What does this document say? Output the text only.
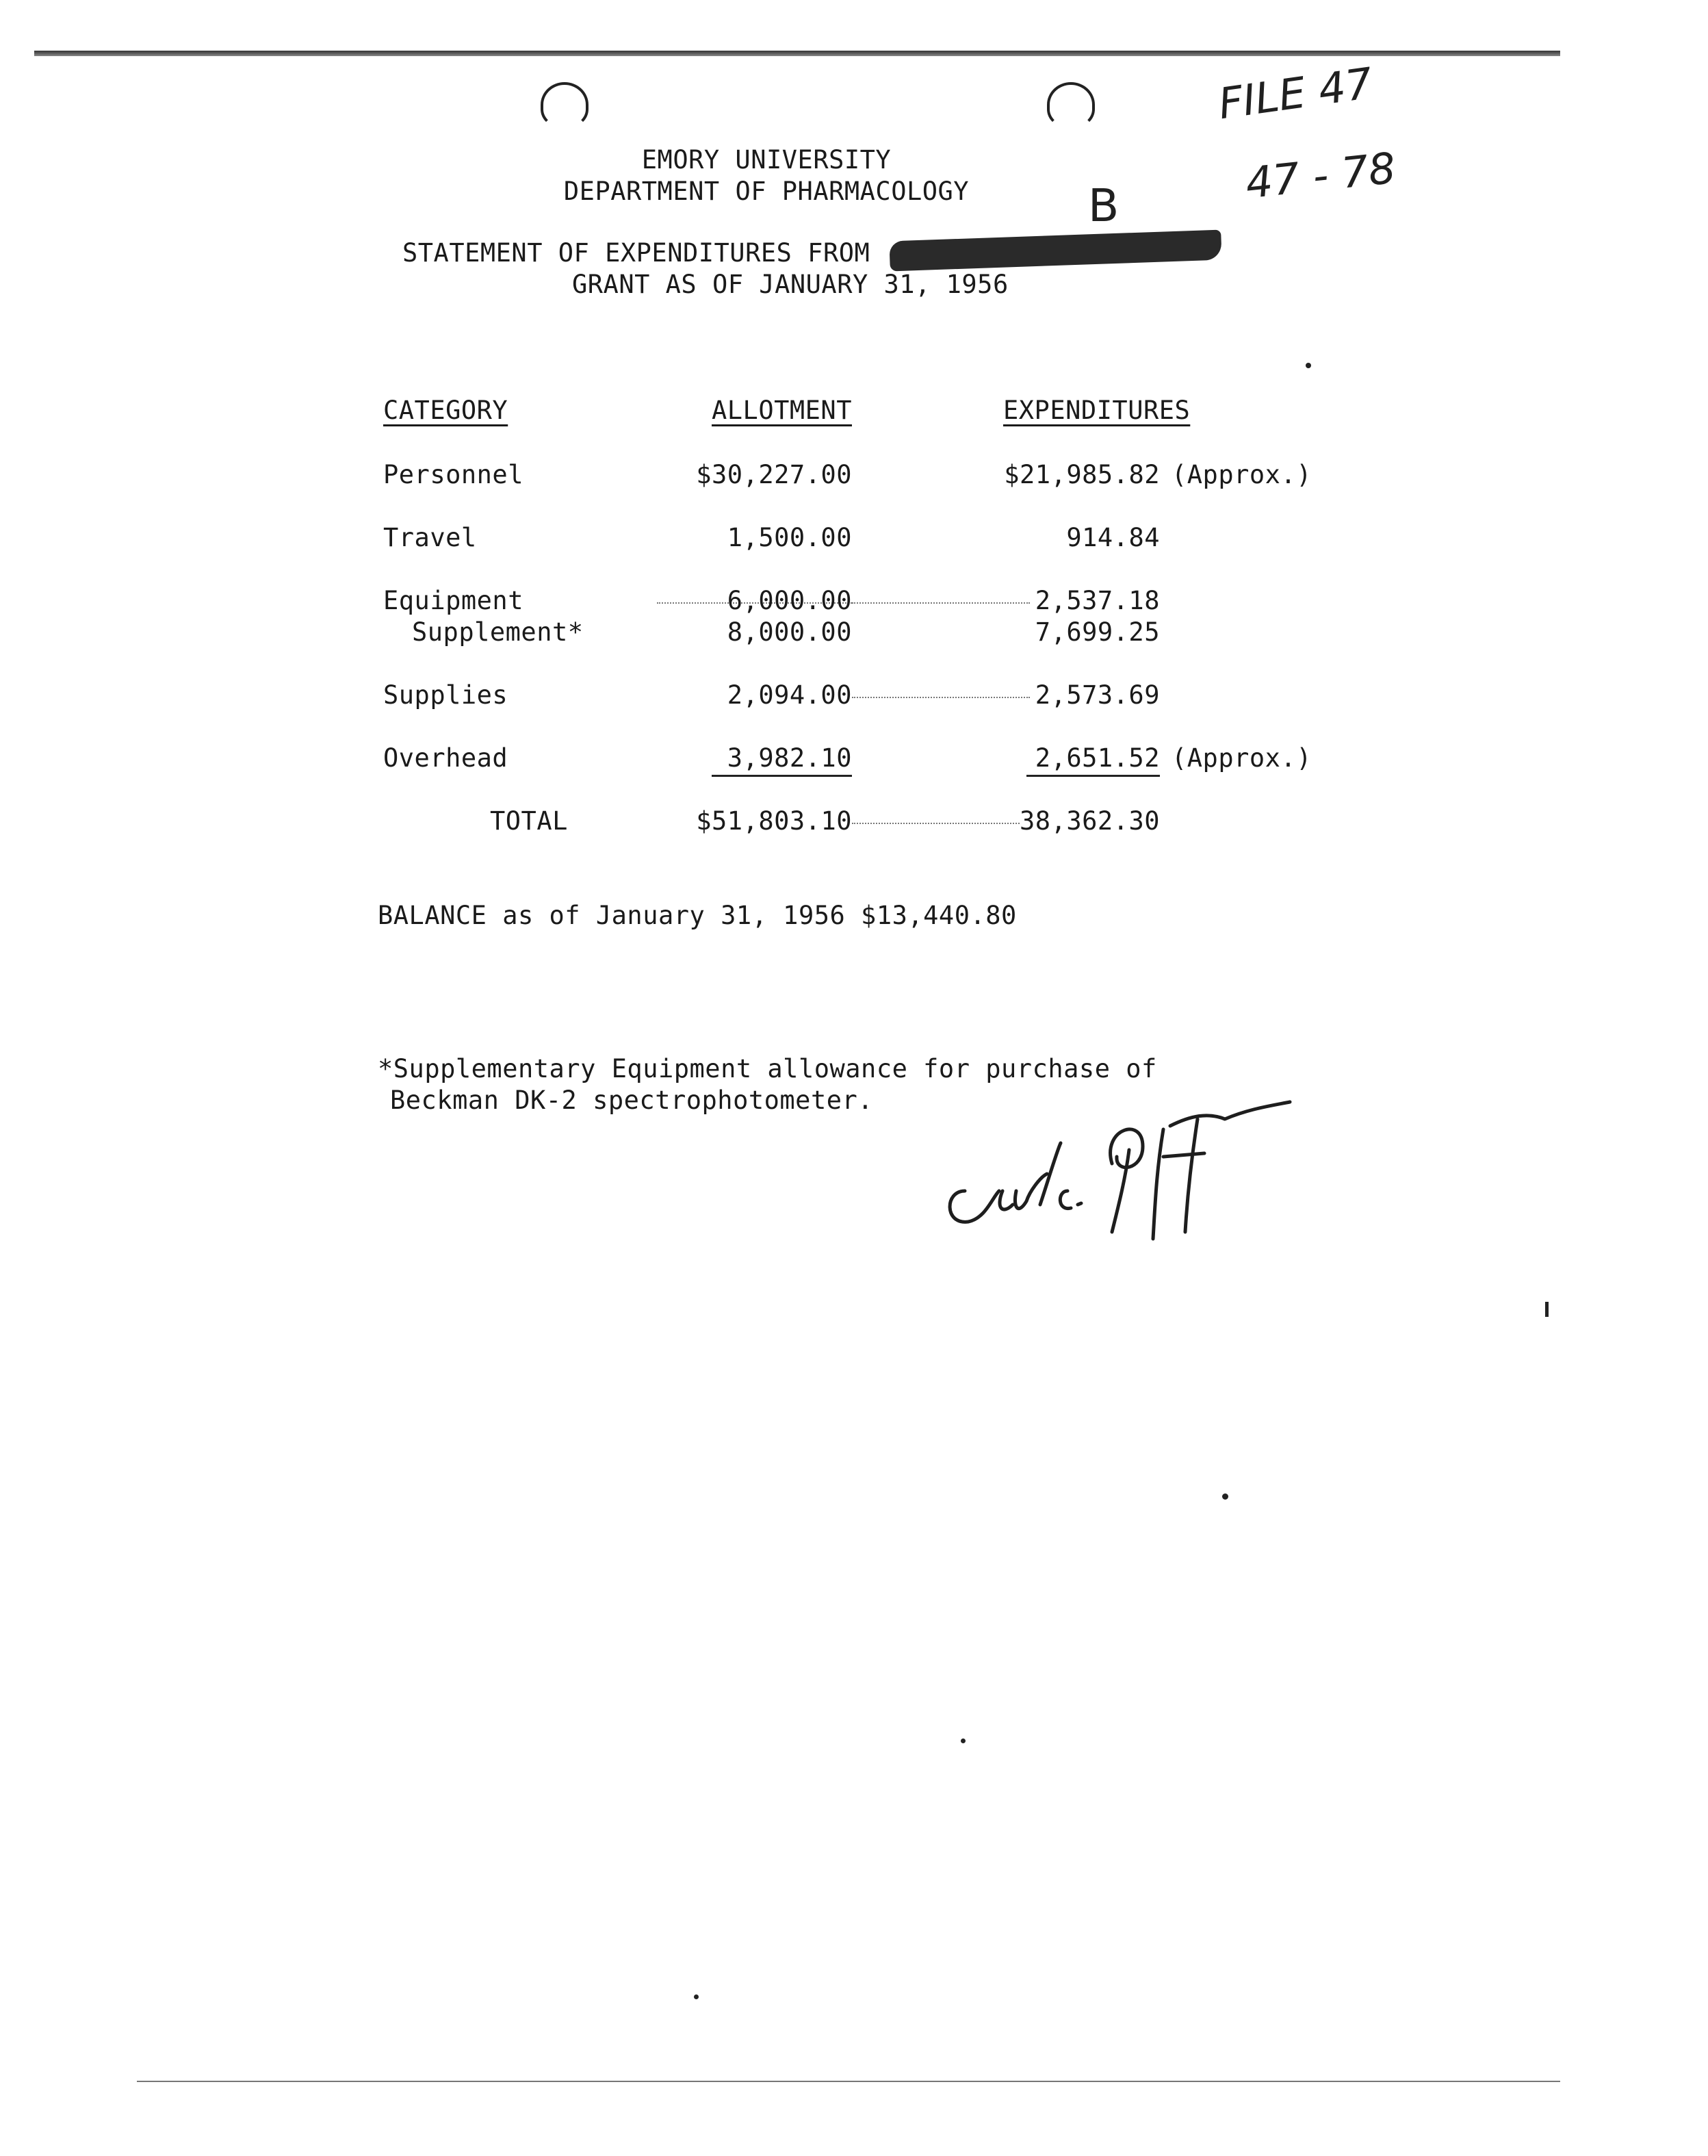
FILE 47
47 - 78
B
EMORY UNIVERSITY
DEPARTMENT OF PHARMACOLOGY
STATEMENT OF EXPENDITURES FROM
GRANT AS OF JANUARY 31, 1956
CATEGORY	ALLOTMENT	EXPENDITURES
Personnel	$30,227.00	$21,985.82 (Approx.)
Travel	1,500.00	914.84
Equipment	6,000.00	2,537.18
Supplement*	8,000.00	7,699.25
Supplies	2,094.00	2,573.69
Overhead	3,982.10	2,651.52 (Approx.)
TOTAL	$51,803.10	38,362.30
BALANCE as of January 31, 1956 $13,440.80
*Supplementary Equipment allowance for purchase of
Beckman DK-2 spectrophotometer.
